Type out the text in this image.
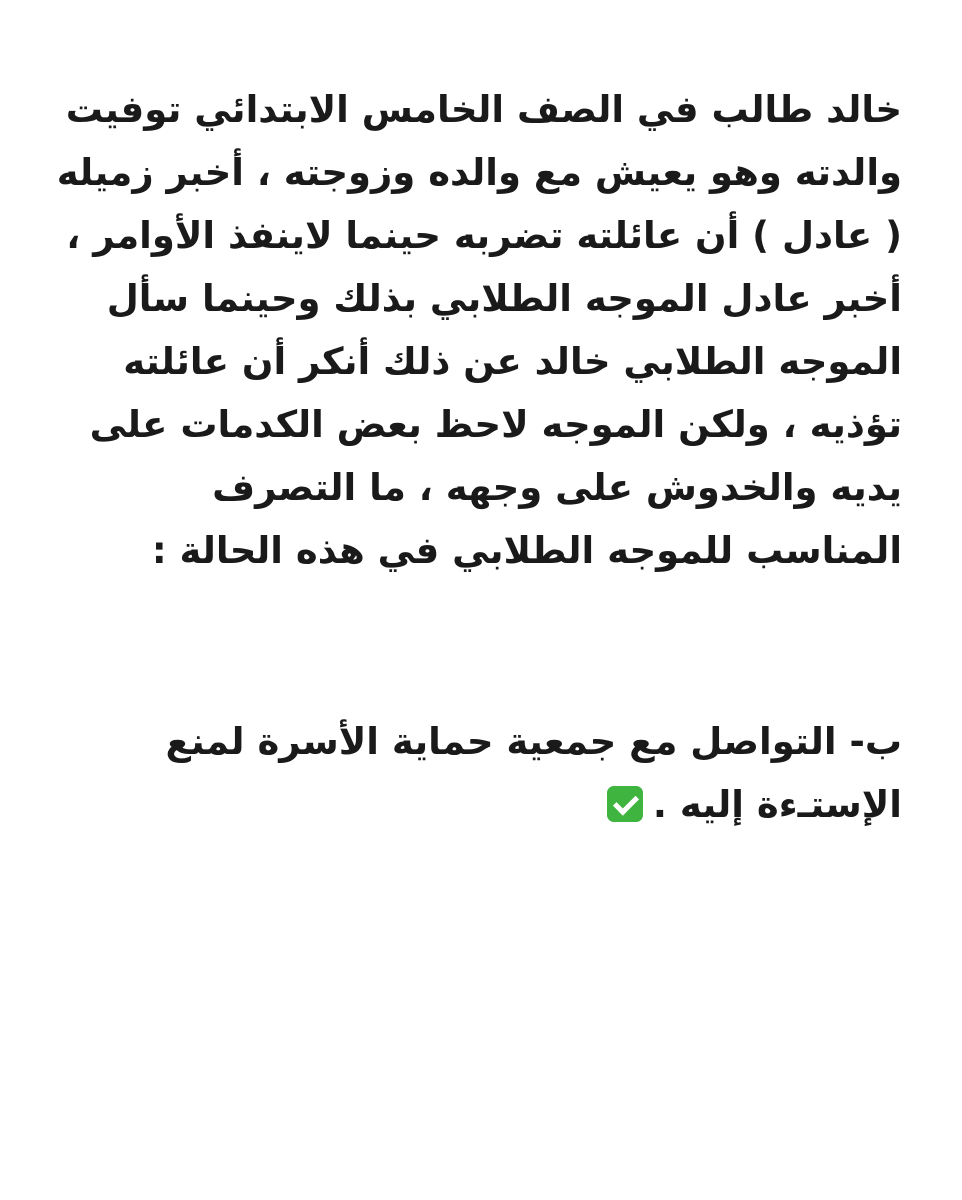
خالد طالب في الصف الخامس الابتدائي توفيت

والدته وهو يعيش مع والده وزوجته ، أخبر زميله

( عادل ) أن عائلته تضربه حينما لاينفذ الأوامر ،

أخبر عادل الموجه الطلابي بذلك وحينما سأل

الموجه الطلابي خالد عن ذلك أنكر أن عائلته

تؤذيه ، ولكن الموجه لاحظ بعض الكدمات على

يديه والخدوش على وجهه ، ما التصرف

المناسب للموجه الطلابي في هذه الحالة :

ب- التواصل مع جمعية حماية الأسرة لمنع

الإستـءة إليه .
